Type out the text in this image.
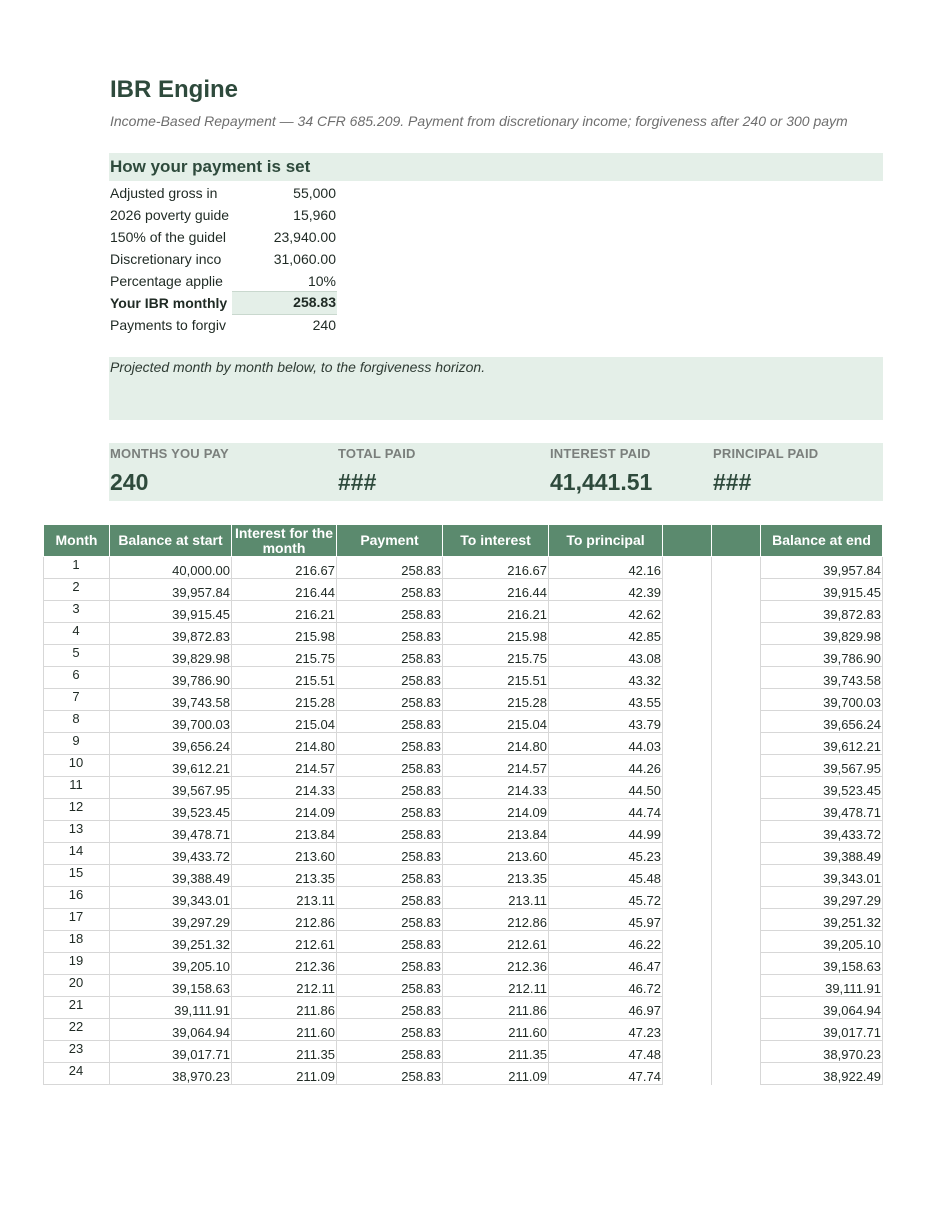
IBR Engine
Income-Based Repayment — 34 CFR 685.209. Payment from discretionary income; forgiveness after 240 or 300 paym
How your payment is set
Adjusted gross in	55,000
2026 poverty guide	15,960
150% of the guidel	23,940.00
Discretionary inco	31,060.00
Percentage applie	10%
Your IBR monthly	258.83
Payments to forgiv	240
Projected month by month below, to the forgiveness horizon.
MONTHS YOU PAY
240
TOTAL PAID
###
INTEREST PAID
41,441.51
PRINCIPAL PAID
###
Month	Balance at start	Interest for the month	Payment	To interest	To principal			Balance at end
1	40,000.00	216.67	258.83	216.67	42.16			39,957.84
2	39,957.84	216.44	258.83	216.44	42.39			39,915.45
3	39,915.45	216.21	258.83	216.21	42.62			39,872.83
4	39,872.83	215.98	258.83	215.98	42.85			39,829.98
5	39,829.98	215.75	258.83	215.75	43.08			39,786.90
6	39,786.90	215.51	258.83	215.51	43.32			39,743.58
7	39,743.58	215.28	258.83	215.28	43.55			39,700.03
8	39,700.03	215.04	258.83	215.04	43.79			39,656.24
9	39,656.24	214.80	258.83	214.80	44.03			39,612.21
10	39,612.21	214.57	258.83	214.57	44.26			39,567.95
11	39,567.95	214.33	258.83	214.33	44.50			39,523.45
12	39,523.45	214.09	258.83	214.09	44.74			39,478.71
13	39,478.71	213.84	258.83	213.84	44.99			39,433.72
14	39,433.72	213.60	258.83	213.60	45.23			39,388.49
15	39,388.49	213.35	258.83	213.35	45.48			39,343.01
16	39,343.01	213.11	258.83	213.11	45.72			39,297.29
17	39,297.29	212.86	258.83	212.86	45.97			39,251.32
18	39,251.32	212.61	258.83	212.61	46.22			39,205.10
19	39,205.10	212.36	258.83	212.36	46.47			39,158.63
20	39,158.63	212.11	258.83	212.11	46.72			39,111.91
21	39,111.91	211.86	258.83	211.86	46.97			39,064.94
22	39,064.94	211.60	258.83	211.60	47.23			39,017.71
23	39,017.71	211.35	258.83	211.35	47.48			38,970.23
24	38,970.23	211.09	258.83	211.09	47.74			38,922.49
